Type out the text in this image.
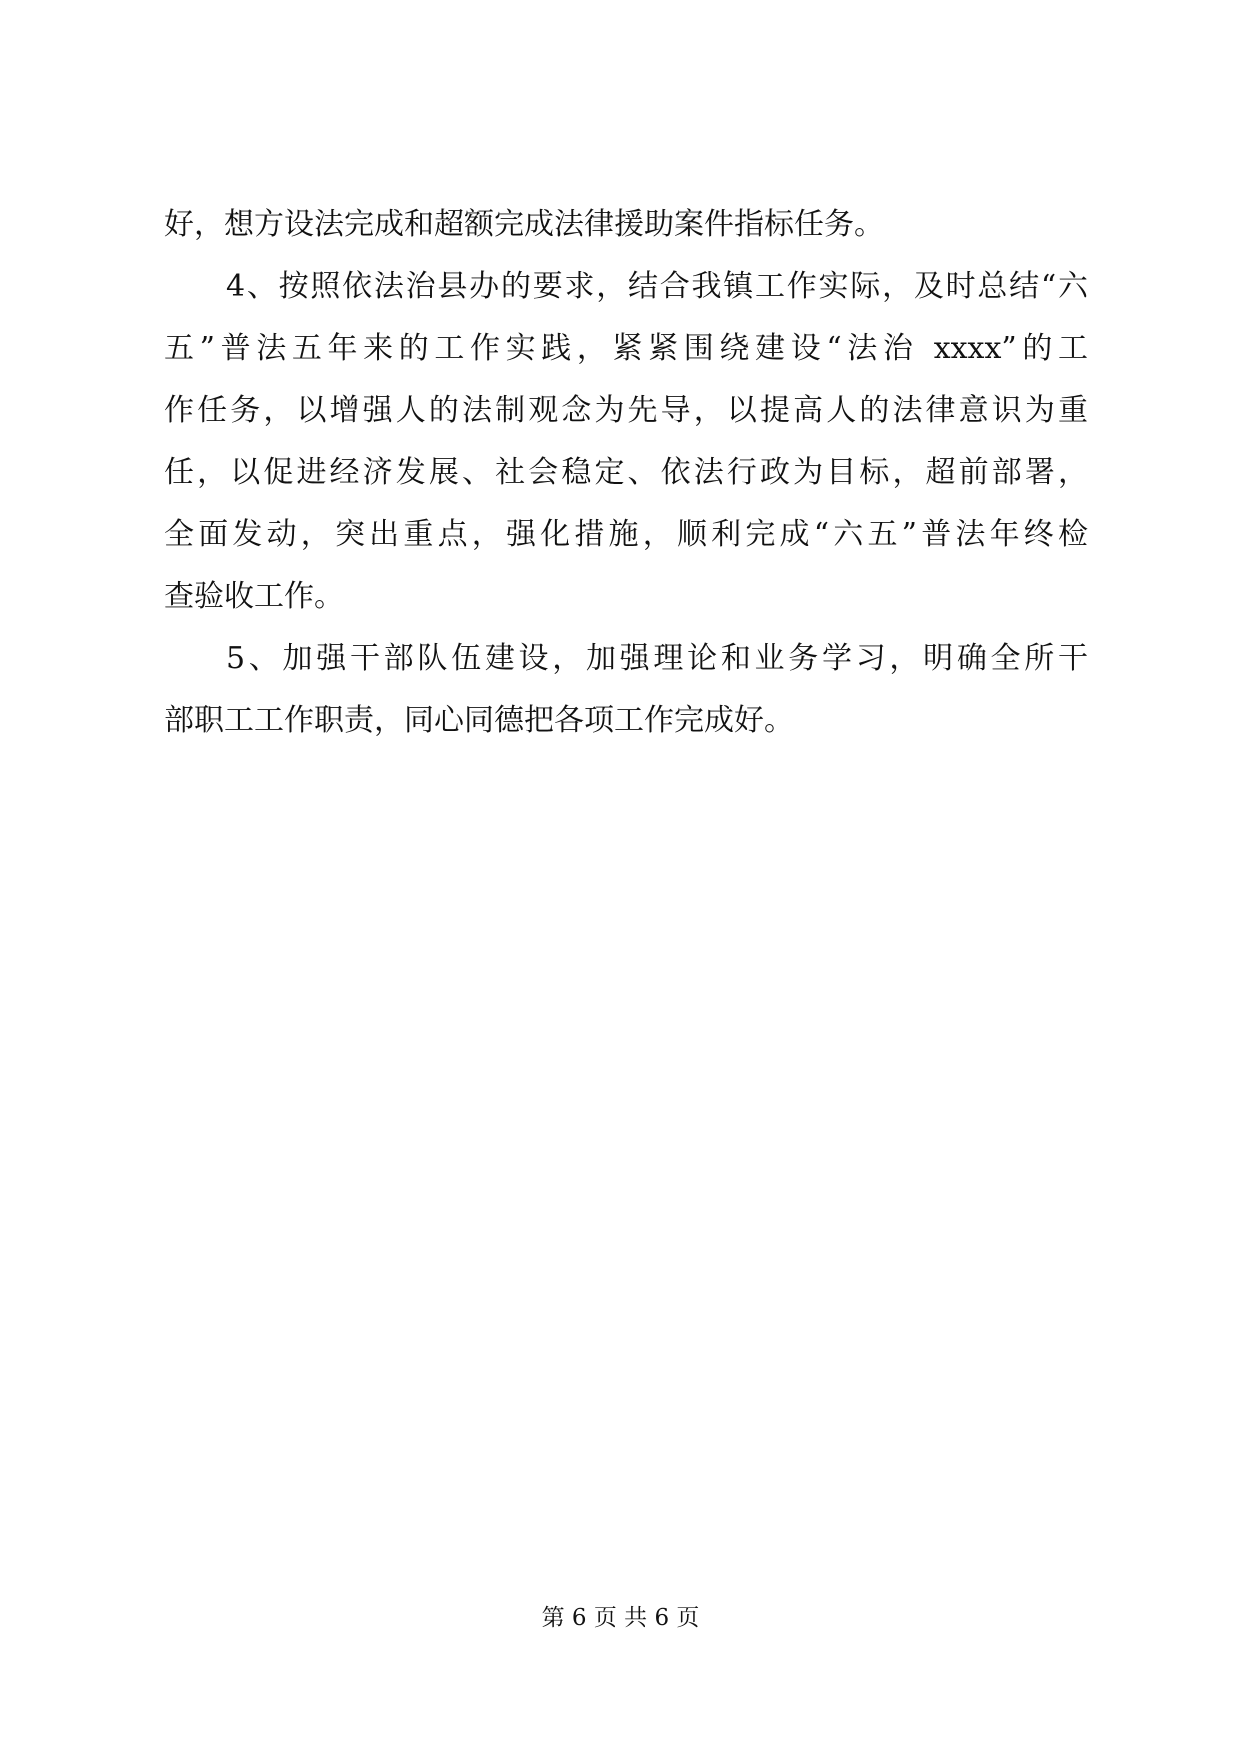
好，想方设法完成和超额完成法律援助案件指标任务。
4、按照依法治县办的要求，结合我镇工作实际，及时总结“六
五”普法五年来的工作实践，紧紧围绕建设“法治 xxxx”的工
作任务，以增强人的法制观念为先导，以提高人的法律意识为重
任，以促进经济发展、社会稳定、依法行政为目标，超前部署，
全面发动，突出重点，强化措施，顺利完成“六五”普法年终检
查验收工作。
5、加强干部队伍建设，加强理论和业务学习，明确全所干
部职工工作职责，同心同德把各项工作完成好。
第 6 页 共 6 页
